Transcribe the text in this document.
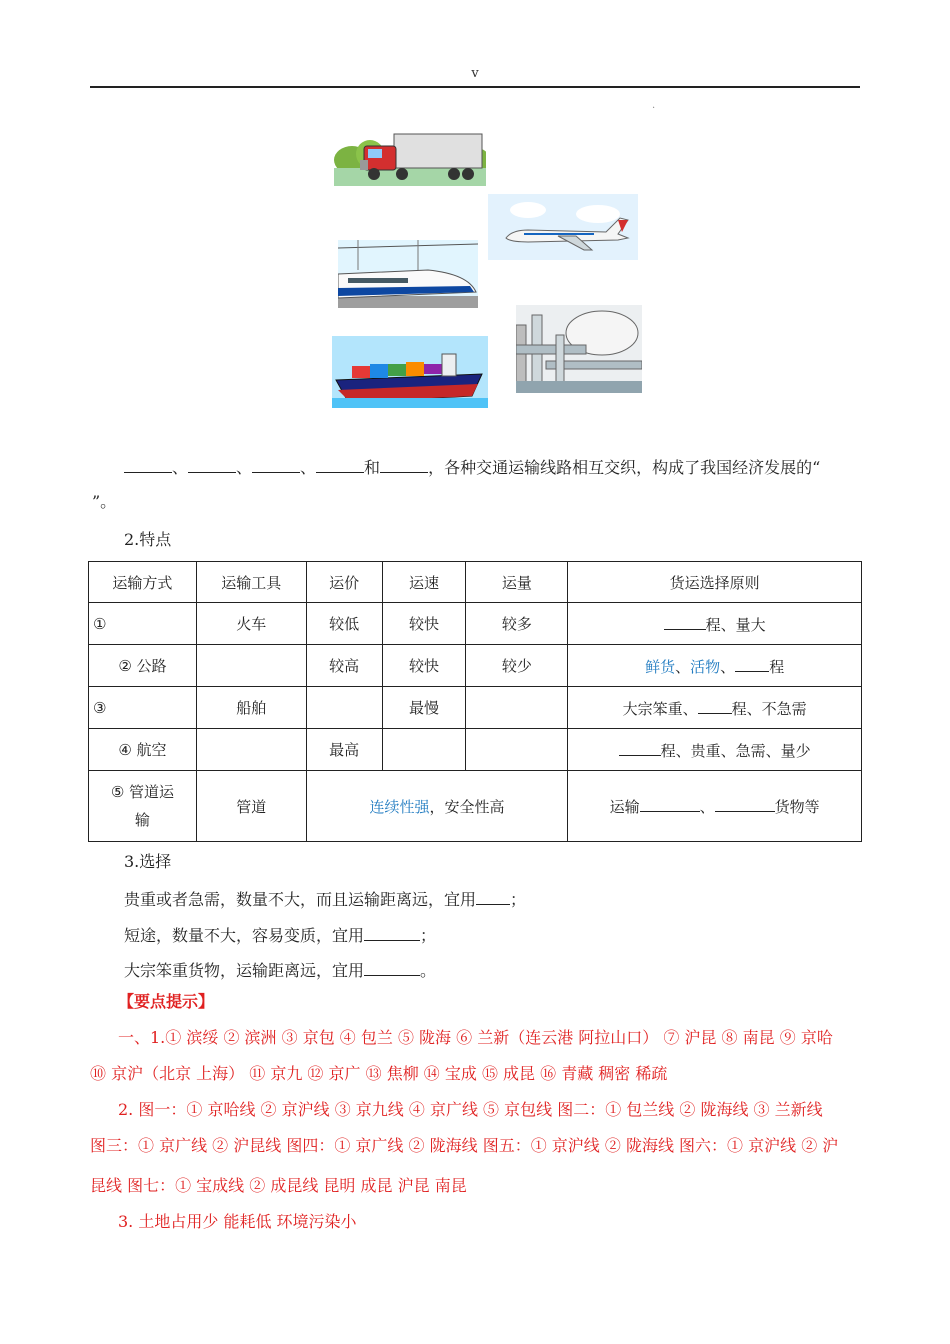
v
.
、	、	、	和	，各种交通运输线路相互交织，构成了我国经济发展的“
”。
2.特点
运输方式	运输工具	运价	运速	运量	货运选择原则
①	火车	较低	较快	较多	程、量大
② 公路		较高	较快	较少	鲜货、活物、 程
③	船舶		最慢		大宗笨重、 程、不急需
④ 航空		最高			程、贵重、急需、量少
⑤ 管道运
输	管道	连续性强，安全性高			运输 、 货物等
3.选择
贵重或者急需，数量不大，而且运输距离远，宜用 ；
短途，数量不大，容易变质，宜用	；
大宗笨重货物，运输距离远，宜用	。
【要点提示】
一、1.① 滨绥 ② 滨洲 ③ 京包 ④ 包兰 ⑤ 陇海 ⑥ 兰新（连云港 阿拉山口） ⑦ 沪昆 ⑧ 南昆 ⑨ 京哈
⑩ 京沪（北京 上海） ⑪ 京九 ⑫ 京广 ⑬ 焦柳 ⑭ 宝成 ⑮ 成昆 ⑯ 青藏 稠密 稀疏
2. 图一：① 京哈线 ② 京沪线 ③ 京九线 ④ 京广线 ⑤ 京包线 图二：① 包兰线 ② 陇海线 ③ 兰新线
图三：① 京广线 ② 沪昆线 图四：① 京广线 ② 陇海线 图五：① 京沪线 ② 陇海线 图六：① 京沪线 ② 沪
昆线 图七：① 宝成线 ② 成昆线 昆明 成昆 沪昆 南昆
3. 土地占用少 能耗低 环境污染小
